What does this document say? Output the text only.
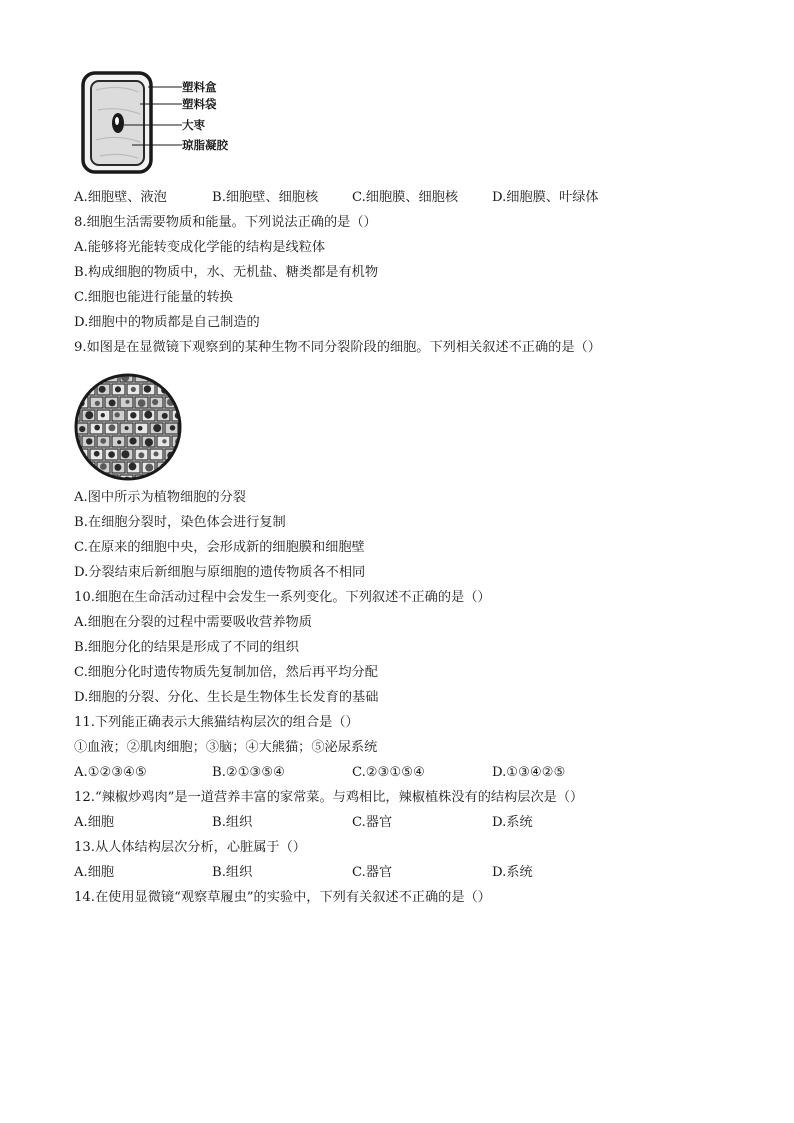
塑料盒
塑料袋
大枣
琼脂凝胶
A.细胞壁、液泡	B.细胞壁、细胞核	C.细胞膜、细胞核	D.细胞膜、叶绿体
8.细胞生活需要物质和能量。下列说法正确的是（）
A.能够将光能转变成化学能的结构是线粒体
B.构成细胞的物质中，水、无机盐、糖类都是有机物
C.细胞也能进行能量的转换
D.细胞中的物质都是自己制造的
9.如图是在显微镜下观察到的某种生物不同分裂阶段的细胞。下列相关叙述不正确的是（）
A.图中所示为植物细胞的分裂
B.在细胞分裂时，染色体会进行复制
C.在原来的细胞中央，会形成新的细胞膜和细胞壁
D.分裂结束后新细胞与原细胞的遗传物质各不相同
10.细胞在生命活动过程中会发生一系列变化。下列叙述不正确的是（）
A.细胞在分裂的过程中需要吸收营养物质
B.细胞分化的结果是形成了不同的组织
C.细胞分化时遗传物质先复制加倍，然后再平均分配
D.细胞的分裂、分化、生长是生物体生长发育的基础
11.下列能正确表示大熊猫结构层次的组合是（）
①血液；②肌肉细胞；③脑；④大熊猫；⑤泌尿系统
A.①②③④⑤	B.②①③⑤④	C.②③①⑤④	D.①③④②⑤
12.“辣椒炒鸡肉”是一道营养丰富的家常菜。与鸡相比，辣椒植株没有的结构层次是（）
A.细胞	B.组织	C.器官	D.系统
13.从人体结构层次分析，心脏属于（）
A.细胞	B.组织	C.器官	D.系统
14.在使用显微镜“观察草履虫”的实验中，下列有关叙述不正确的是（）
